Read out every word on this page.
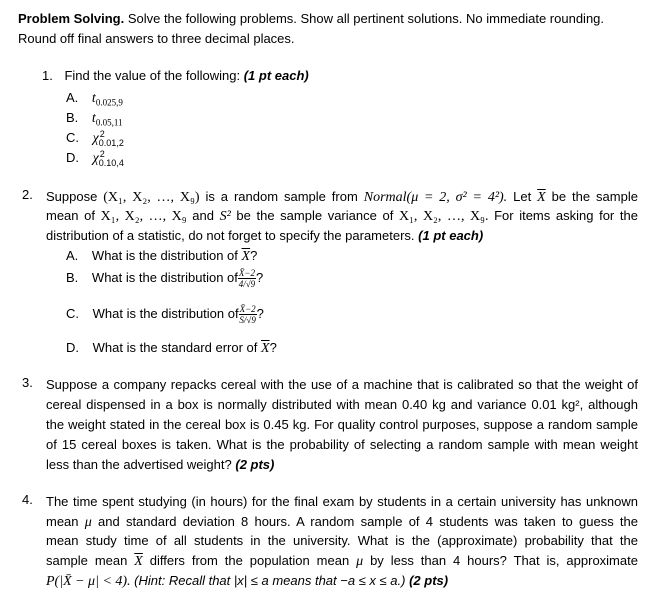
Problem Solving. Solve the following problems. Show all pertinent solutions. No immediate rounding.
Round off final answers to three decimal places.
1. Find the value of the following: (1 pt each)
A. $t_{0.025,9}$
B. $t_{0.05,11}$
C. χ 2
0.01,2
D. χ 2
0.10,4
2.	Suppose (X₁, X₂, …, X₉) is a random sample from Normal(μ = 2, σ² = 4²). Let $\overline{X}$ be the sample
mean of X₁, X₂, …, X₉ and S² be the sample variance of X₁, X₂, …, X₉. For items asking for the
distribution of a statistic, do not forget to specify the parameters. (1 pt each)
A. What is the distribution of $\overline{X}$?
B. What is the distribution of $\frac{X̄-2}{4/√9}$ ?
C. What is the distribution of $\frac{X̄-2}{S/√9}$ ?
D. What is the standard error of $\overline{X}$?
3.	Suppose a company repacks cereal with the use of a machine that is calibrated so that the weight of
cereal dispensed in a box is normally distributed with mean 0.40 kg and variance 0.01 kg², although
the weight stated in the cereal box is 0.45 kg. For quality control purposes, suppose a random sample
of 15 cereal boxes is taken. What is the probability of selecting a random sample with mean weight
less than the advertised weight? (2 pts)
4.	The time spent studying (in hours) for the final exam by students in a certain university has unknown
mean μ and standard deviation 8 hours. A random sample of 4 students was taken to guess the
mean study time of all students in the university. What is the (approximate) probability that the
sample mean $\overline{X}$ differs from the population mean μ by less than 4 hours? That is, approximate
P(|X̄ − μ| < 4). (Hint: Recall that |x| ≤ a means that −a ≤ x ≤ a.) (2 pts)
